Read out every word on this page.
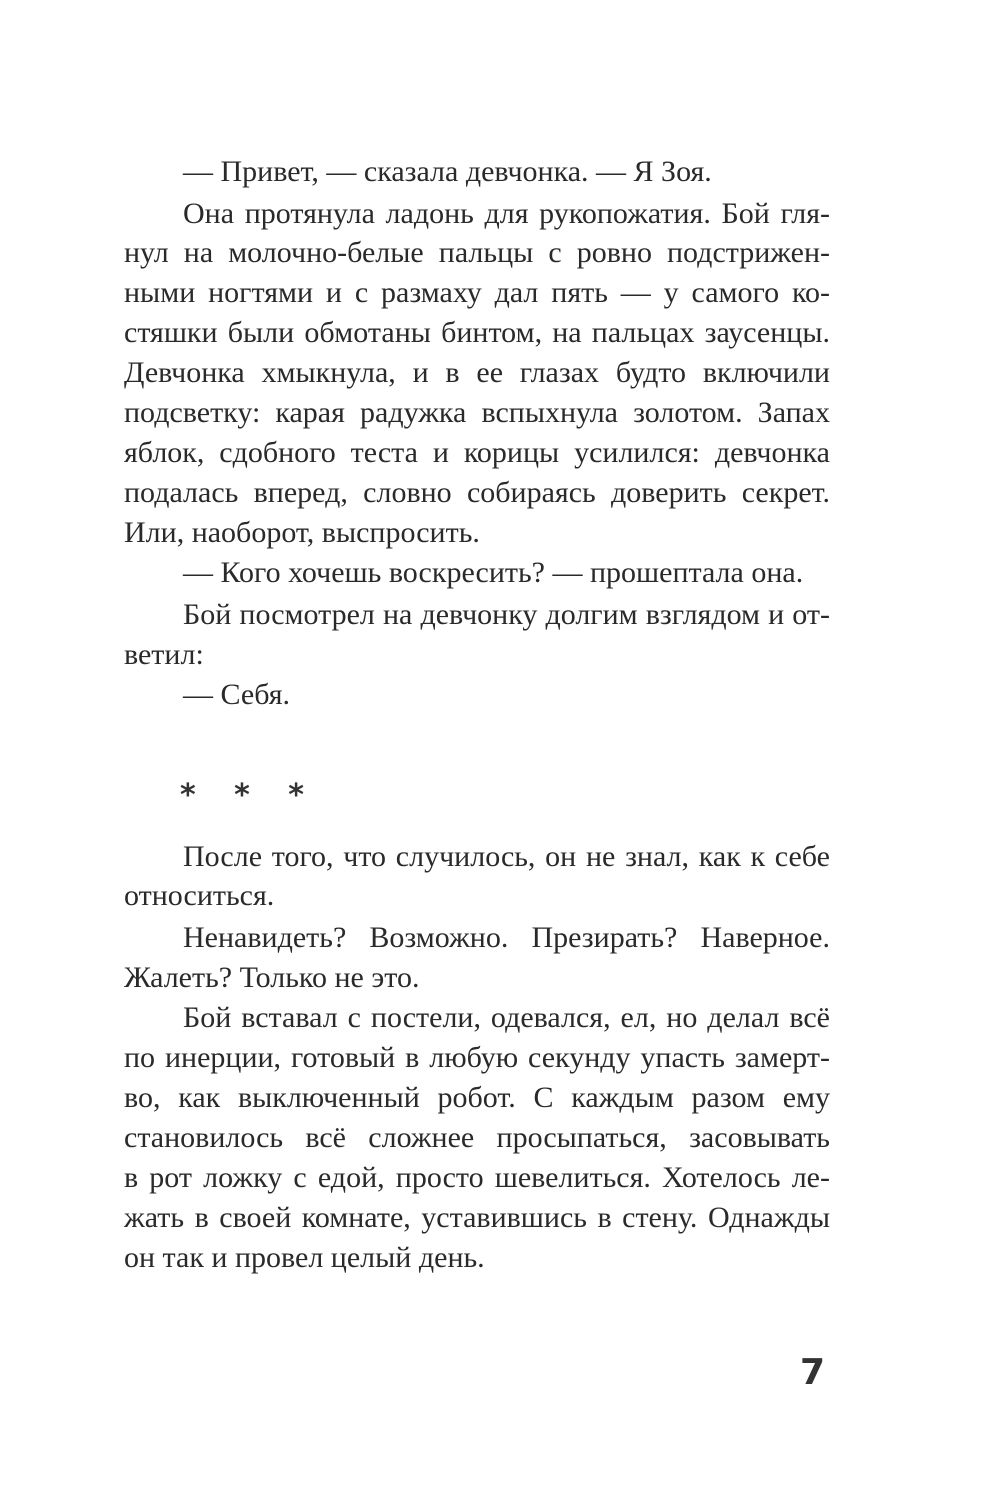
— Привет, — сказала девчонка. — Я Зоя.
Она протянула ладонь для рукопожатия. Бой гля-
нул на молочно-белые пальцы с ровно подстрижен-
ными ногтями и с размаху дал пять — у самого ко-
стяшки были обмотаны бинтом, на пальцах заусенцы.
Девчонка хмыкнула, и в ее глазах будто включили
подсветку: карая радужка вспыхнула золотом. Запах
яблок, сдобного теста и корицы усилился: девчонка
подалась вперед, словно собираясь доверить секрет.
Или, наоборот, выспросить.
— Кого хочешь воскресить? — прошептала она.
Бой посмотрел на девчонку долгим взглядом и от-
ветил:
— Себя.
* * *
После того, что случилось, он не знал, как к себе
относиться.
Ненавидеть? Возможно. Презирать? Наверное.
Жалеть? Только не это.
Бой вставал с постели, одевался, ел, но делал всё
по инерции, готовый в любую секунду упасть замерт-
во, как выключенный робот. С каждым разом ему
становилось всё сложнее просыпаться, засовывать
в рот ложку с едой, просто шевелиться. Хотелось ле-
жать в своей комнате, уставившись в стену. Однажды
он так и провел целый день.
7
